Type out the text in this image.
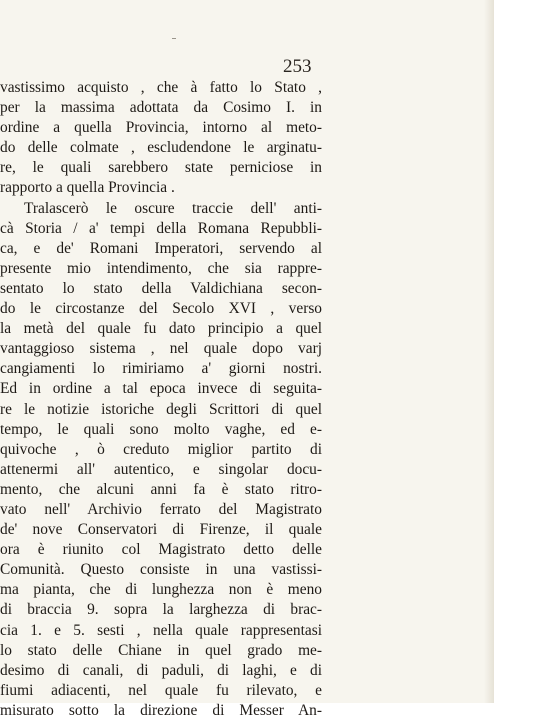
253
vastissimo acquisto , che à fatto lo Stato ,
per la massima adottata da Cosimo I. in
ordine a quella Provincia, intorno al meto-
do delle colmate , escludendone le arginatu-
re, le quali sarebbero state perniciose in
rapporto a quella Provincia .
Tralascerò le oscure traccie dell' anti-
cà Storia / a' tempi della Romana Repubbli-
ca, e de' Romani Imperatori, servendo al
presente mio intendimento, che sia rappre-
sentato lo stato della Valdichiana secon-
do le circostanze del Secolo XVI , verso
la metà del quale fu dato principio a quel
vantaggioso sistema , nel quale dopo varj
cangiamenti lo rimiriamo a' giorni nostri.
Ed in ordine a tal epoca invece di seguita-
re le notizie istoriche degli Scrittori di quel
tempo, le quali sono molto vaghe, ed e-
quivoche , ò creduto miglior partito di
attenermi all' autentico, e singolar docu-
mento, che alcuni anni fa è stato ritro-
vato nell' Archivio ferrato del Magistrato
de' nove Conservatori di Firenze, il quale
ora è riunito col Magistrato detto delle
Comunità. Questo consiste in una vastissi-
ma pianta, che di lunghezza non è meno
di braccia 9. sopra la larghezza di brac-
cia 1. e 5. sesti , nella quale rappresentasi
lo stato delle Chiane in quel grado me-
desimo di canali, di paduli, di laghi, e di
fiumi adiacenti, nel quale fu rilevato, e
misurato sotto la direzione di Messer An-
